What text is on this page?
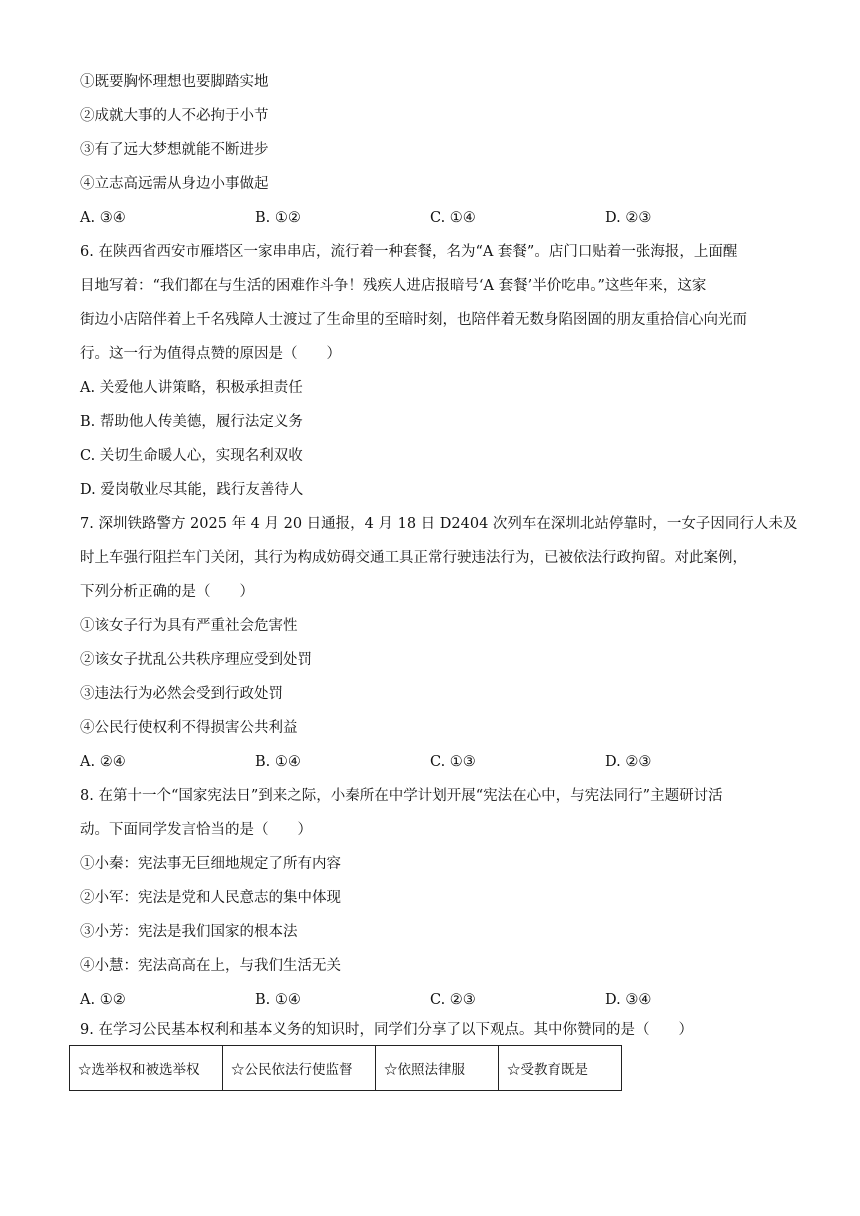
①既要胸怀理想也要脚踏实地
②成就大事的人不必拘于小节
③有了远大梦想就能不断进步
④立志高远需从身边小事做起
A. ③④	B. ①②	C. ①④	D. ②③
6. 在陕西省西安市雁塔区一家串串店，流行着一种套餐，名为“A 套餐”。店门口贴着一张海报，上面醒
目地写着：“我们都在与生活的困难作斗争！残疾人进店报暗号‘A 套餐’半价吃串。”这些年来，这家
街边小店陪伴着上千名残障人士渡过了生命里的至暗时刻，也陪伴着无数身陷囹圄的朋友重拾信心向光而
行。这一行为值得点赞的原因是（　　）
A. 关爱他人讲策略，积极承担责任
B. 帮助他人传美德，履行法定义务
C. 关切生命暖人心，实现名利双收
D. 爱岗敬业尽其能，践行友善待人
7. 深圳铁路警方 2025 年 4 月 20 日通报，4 月 18 日 D2404 次列车在深圳北站停靠时，一女子因同行人未及
时上车强行阻拦车门关闭，其行为构成妨碍交通工具正常行驶违法行为，已被依法行政拘留。对此案例，
下列分析正确的是（　　）
①该女子行为具有严重社会危害性
②该女子扰乱公共秩序理应受到处罚
③违法行为必然会受到行政处罚
④公民行使权利不得损害公共利益
A. ②④	B. ①④	C. ①③	D. ②③
8. 在第十一个“国家宪法日”到来之际，小秦所在中学计划开展“宪法在心中，与宪法同行”主题研讨活
动。下面同学发言恰当的是（　　）
①小秦：宪法事无巨细地规定了所有内容
②小军：宪法是党和人民意志的集中体现
③小芳：宪法是我们国家的根本法
④小慧：宪法高高在上，与我们生活无关
A. ①②	B. ①④	C. ②③	D. ③④
9. 在学习公民基本权利和基本义务的知识时，同学们分享了以下观点。其中你赞同的是（　　）
☆选举权和被选举权	☆公民依法行使监督	☆依照法律服	☆受教育既是
